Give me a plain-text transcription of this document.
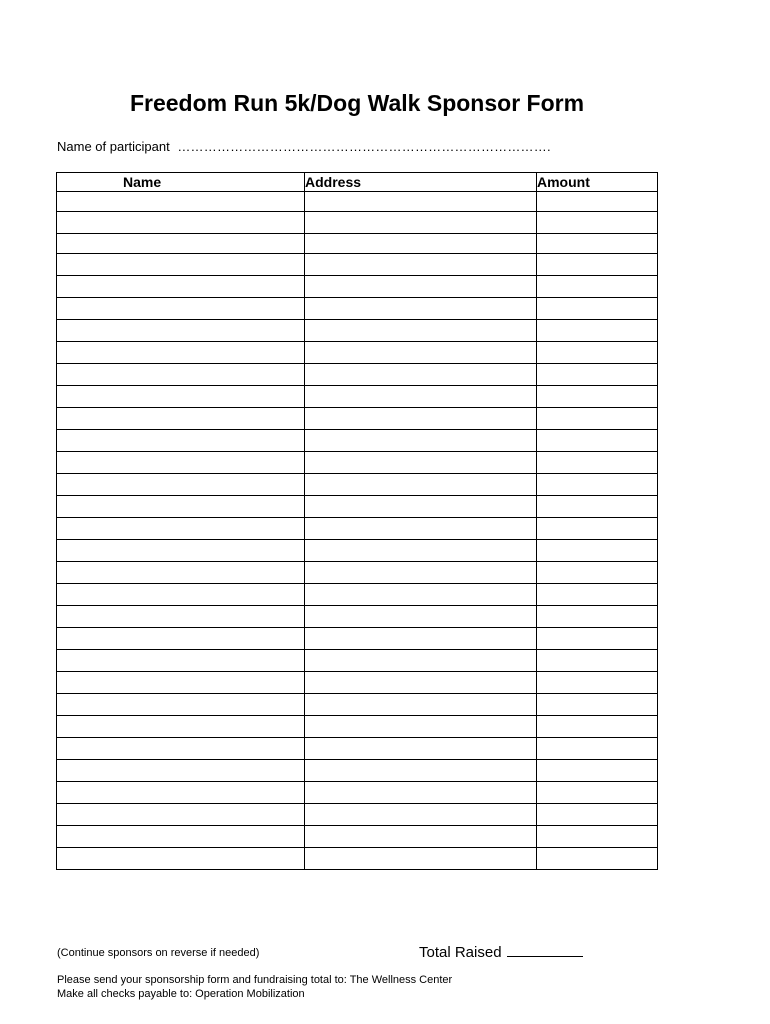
Freedom Run 5k/Dog Walk Sponsor Form
Name of participant ………………………………………………………………………….
Name	Address	Amount

(Continue sponsors on reverse if needed)	Total Raised
Please send your sponsorship form and fundraising total to: The Wellness Center
Make all checks payable to: Operation Mobilization
